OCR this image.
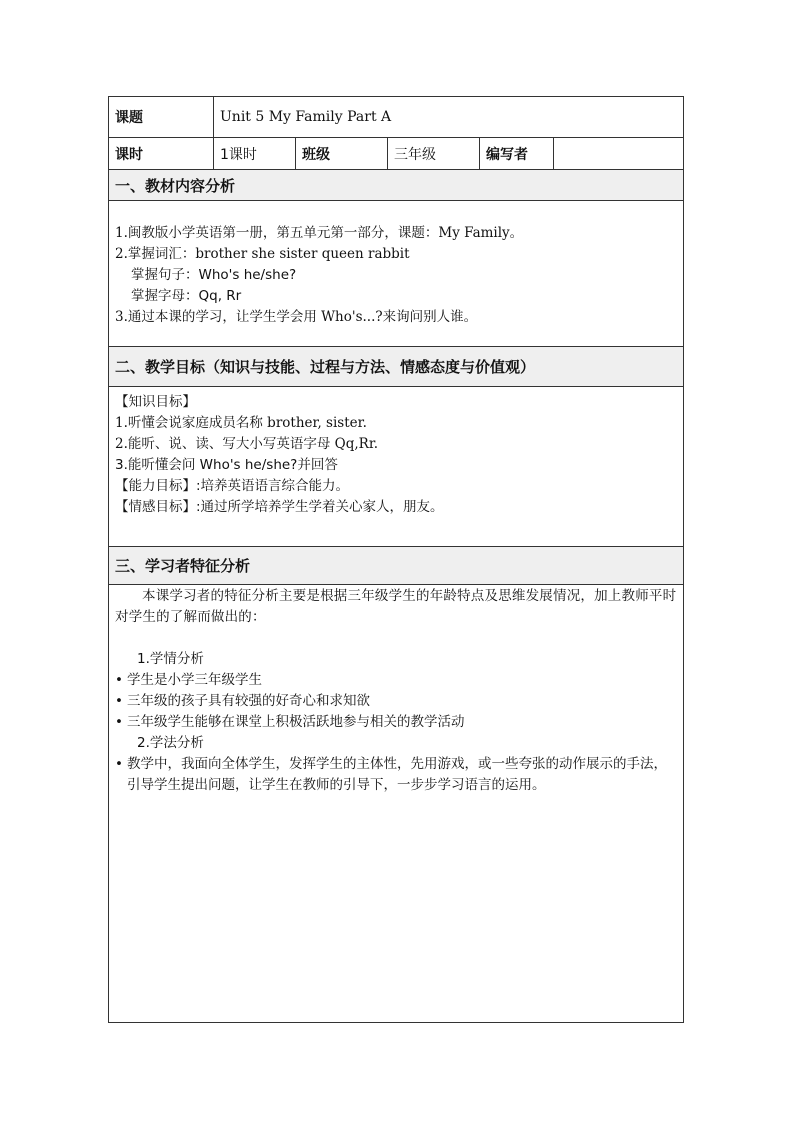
课题	Unit 5 My Family Part A
课时	1课时	班级	三年级	编写者
一、教材内容分析
1.闽教版小学英语第一册，第五单元第一部分，课题：My Family。
2.掌握词汇：brother she sister queen rabbit
掌握句子：Who's he/she?
掌握字母：Qq, Rr
3.通过本课的学习，让学生学会用 Who's...?来询问别人谁。
二、教学目标（知识与技能、过程与方法、情感态度与价值观）
【知识目标】
1.听懂会说家庭成员名称 brother, sister.
2.能听、说、读、写大小写英语字母 Qq,Rr.
3.能听懂会问 Who's he/she?并回答
【能力目标】:培养英语语言综合能力。
【情感目标】:通过所学培养学生学着关心家人，朋友。
三、学习者特征分析
本课学习者的特征分析主要是根据三年级学生的年龄特点及思维发展情况，加上教师平时对学生的了解而做出的：
1.学情分析
• 学生是小学三年级学生
• 三年级的孩子具有较强的好奇心和求知欲
• 三年级学生能够在课堂上积极活跃地参与相关的教学活动
2.学法分析
• 教学中，我面向全体学生，发挥学生的主体性，先用游戏，或一些夸张的动作展示的手法，引导学生提出问题，让学生在教师的引导下，一步步学习语言的运用。
